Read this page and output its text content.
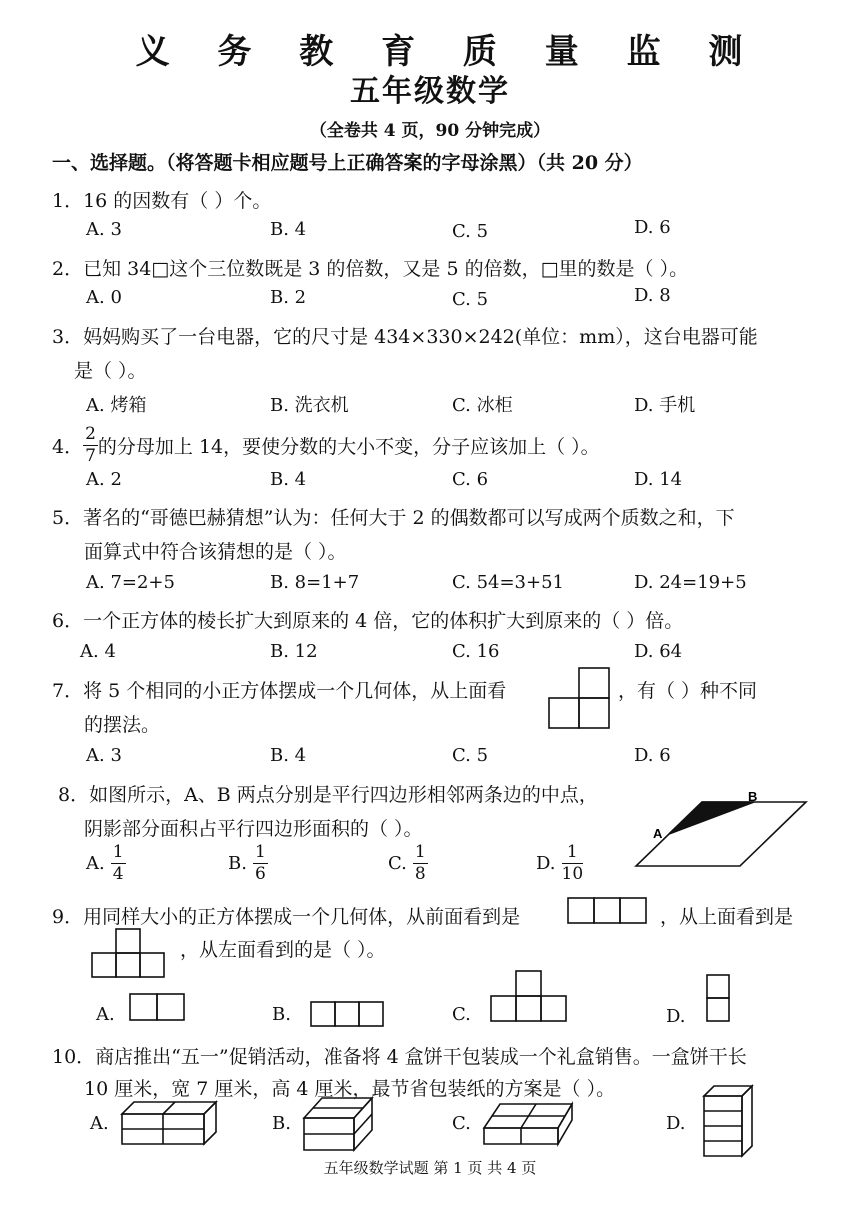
义 务 教 育 质 量 监 测
五年级数学
（全卷共 4 页，90 分钟完成）
一、选择题。（将答题卡相应题号上正确答案的字母涂黑）（共 20 分）
1．16 的因数有（ ）个。
A. 3	B. 4	C. 5	D. 6
2．已知 34□这个三位数既是 3 的倍数，又是 5 的倍数，□里的数是（ ）。
A. 0	B. 2	C. 5	D. 8
3．妈妈购买了一台电器，它的尺寸是 434×330×242(单位：mm），这台电器可能
是（ ）。
A. 烤箱	B. 洗衣机	C. 冰柜	D. 手机
4． $\frac{2}{7}$ 的分母加上 14，要使分数的大小不变，分子应该加上（ ）。
A. 2	B. 4	C. 6	D. 14
5．著名的“哥德巴赫猜想”认为：任何大于 2 的偶数都可以写成两个质数之和，下
面算式中符合该猜想的是（ ）。
A. 7=2+5	B. 8=1+7	C. 54=3+51	D. 24=19+5
6．一个正方体的棱长扩大到原来的 4 倍，它的体积扩大到原来的（ ）倍。
A. 4	B. 12	C. 16	D. 64
7．将 5 个相同的小正方体摆成一个几何体，从上面看	，有（ ）种不同
的摆法。
A. 3	B. 4	C. 5	D. 6
8．如图所示，A、B 两点分别是平行四边形相邻两条边的中点，
阴影部分面积占平行四边形面积的（ ）。
B
A
A. $\frac{1}{4}$	B. $\frac{1}{6}$	C. $\frac{1}{8}$	D. $\frac{1}{10}$
9．用同样大小的正方体摆成一个几何体，从前面看到是	，从上面看到是
，从左面看到的是（ ）。
A.	B.	C.	D.
10．商店推出“五一”促销活动，准备将 4 盒饼干包装成一个礼盒销售。一盒饼干长
10 厘米，宽 7 厘米，高 4 厘米，最节省包装纸的方案是（ ）。
A.	B.	C.	D.
五年级数学试题 第 1 页 共 4 页
